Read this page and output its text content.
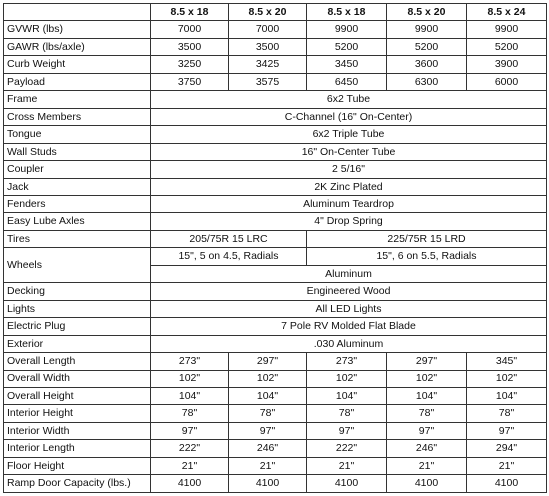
	8.5 x 18	8.5 x 20	8.5 x 18	8.5 x 20	8.5 x 24
GVWR (lbs)	7000	7000	9900	9900	9900
GAWR (lbs/axle)	3500	3500	5200	5200	5200
Curb Weight	3250	3425	3450	3600	3900
Payload	3750	3575	6450	6300	6000
Frame	6x2 Tube				
Cross Members	C-Channel (16" On-Center)				
Tongue	6x2 Triple Tube				
Wall Studs	16" On-Center Tube				
Coupler	2 5/16"				
Jack	2K Zinc Plated				
Fenders	Aluminum Teardrop				
Easy Lube Axles	4" Drop Spring				
Tires	205/75R 15 LRC		225/75R 15 LRD		
Wheels	15", 5 on 4.5, Radials		15", 6 on 5.5, Radials		
	Aluminum				
Decking	Engineered Wood				
Lights	All LED Lights				
Electric Plug	7 Pole RV Molded Flat Blade				
Exterior	.030 Aluminum				
Overall Length	273"	297"	273"	297"	345"
Overall Width	102"	102"	102"	102"	102"
Overall Height	104"	104"	104"	104"	104"
Interior Height	78"	78"	78"	78"	78"
Interior Width	97"	97"	97"	97"	97"
Interior Length	222"	246"	222"	246"	294"
Floor Height	21"	21"	21"	21"	21"
Ramp Door Capacity (lbs.)	4100	4100	4100	4100	4100
